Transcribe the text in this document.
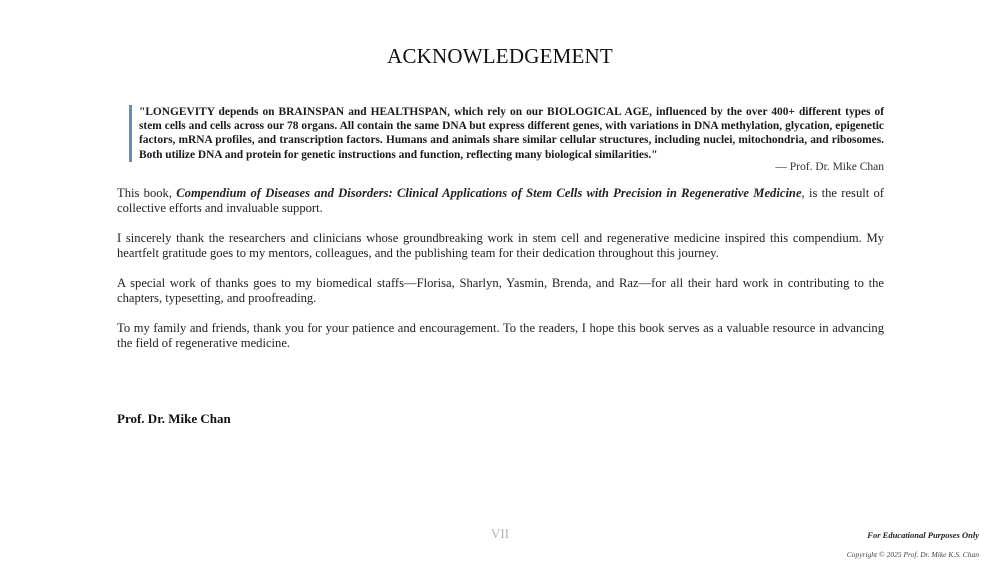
ACKNOWLEDGEMENT
"LONGEVITY depends on BRAINSPAN and HEALTHSPAN, which rely on our BIOLOGICAL AGE, influenced by the over 400+ different types of stem cells and cells across our 78 organs. All contain the same DNA but express different genes, with variations in DNA methylation, glycation, epigenetic factors, mRNA profiles, and transcription factors. Humans and animals share similar cellular structures, including nuclei, mitochondria, and ribosomes. Both utilize DNA and protein for genetic instructions and function, reflecting many biological similarities."
— Prof. Dr. Mike Chan
This book, Compendium of Diseases and Disorders: Clinical Applications of Stem Cells with Precision in Regenerative Medicine, is the result of collective efforts and invaluable support.
I sincerely thank the researchers and clinicians whose groundbreaking work in stem cell and regenerative medicine inspired this compendium. My heartfelt gratitude goes to my mentors, colleagues, and the publishing team for their dedication throughout this journey.
A special work of thanks goes to my biomedical staffs—Florisa, Sharlyn, Yasmin, Brenda, and Raz—for all their hard work in contributing to the chapters, typesetting, and proofreading.
To my family and friends, thank you for your patience and encouragement. To the readers, I hope this book serves as a valuable resource in advancing the field of regenerative medicine.
Prof. Dr. Mike Chan
VII	For Educational Purposes Only
Copyright © 2025 Prof. Dr. Mike K.S. Chan
